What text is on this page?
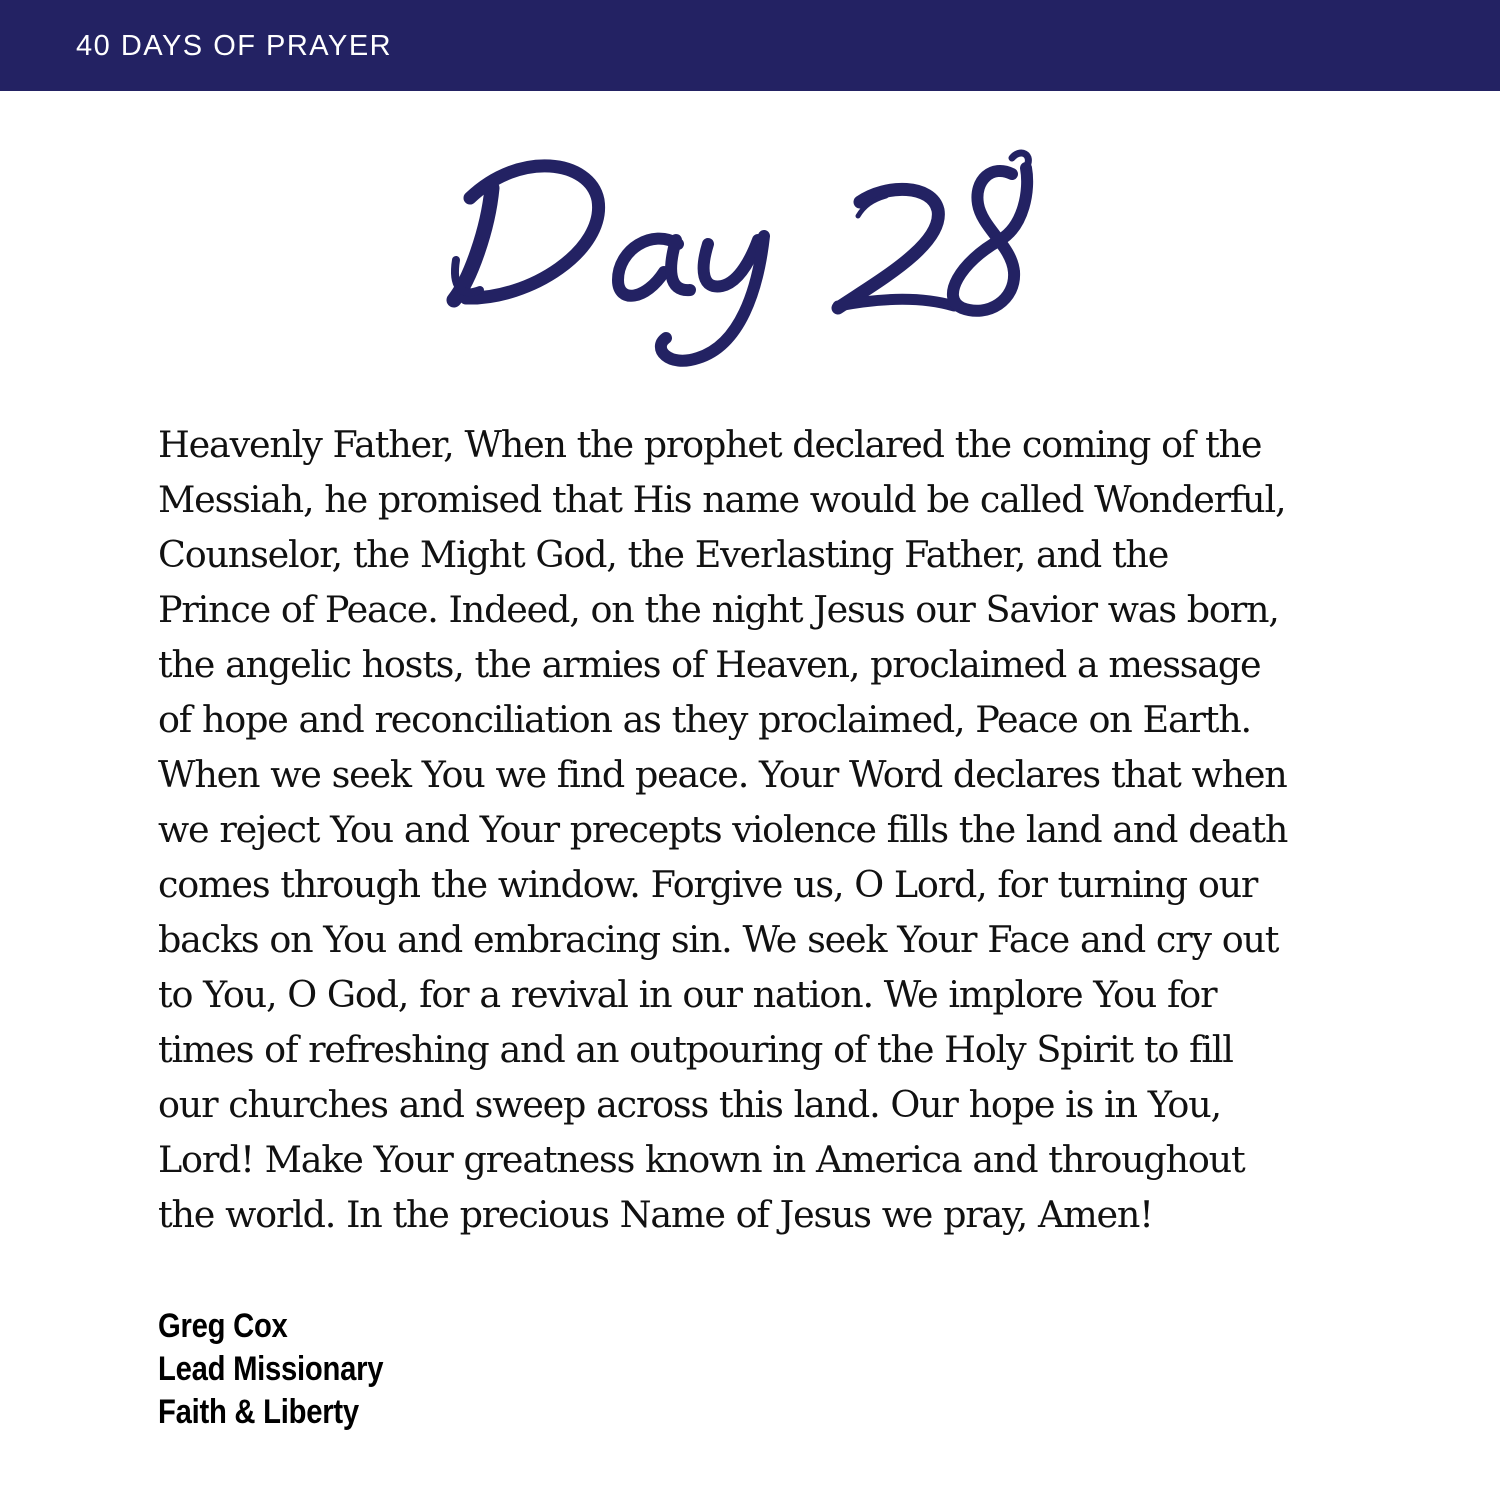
40 DAYS OF PRAYER
Heavenly Father, When the prophet declared the coming of the
Messiah, he promised that His name would be called Wonderful,
Counselor, the Might God, the Everlasting Father, and the
Prince of Peace. Indeed, on the night Jesus our Savior was born,
the angelic hosts, the armies of Heaven, proclaimed a message
of hope and reconciliation as they proclaimed, Peace on Earth.
When we seek You we find peace. Your Word declares that when
we reject You and Your precepts violence fills the land and death
comes through the window. Forgive us, O Lord, for turning our
backs on You and embracing sin. We seek Your Face and cry out
to You, O God, for a revival in our nation. We implore You for
times of refreshing and an outpouring of the Holy Spirit to fill
our churches and sweep across this land. Our hope is in You,
Lord! Make Your greatness known in America and throughout
the world. In the precious Name of Jesus we pray, Amen!
Greg Cox
Lead Missionary
Faith & Liberty
